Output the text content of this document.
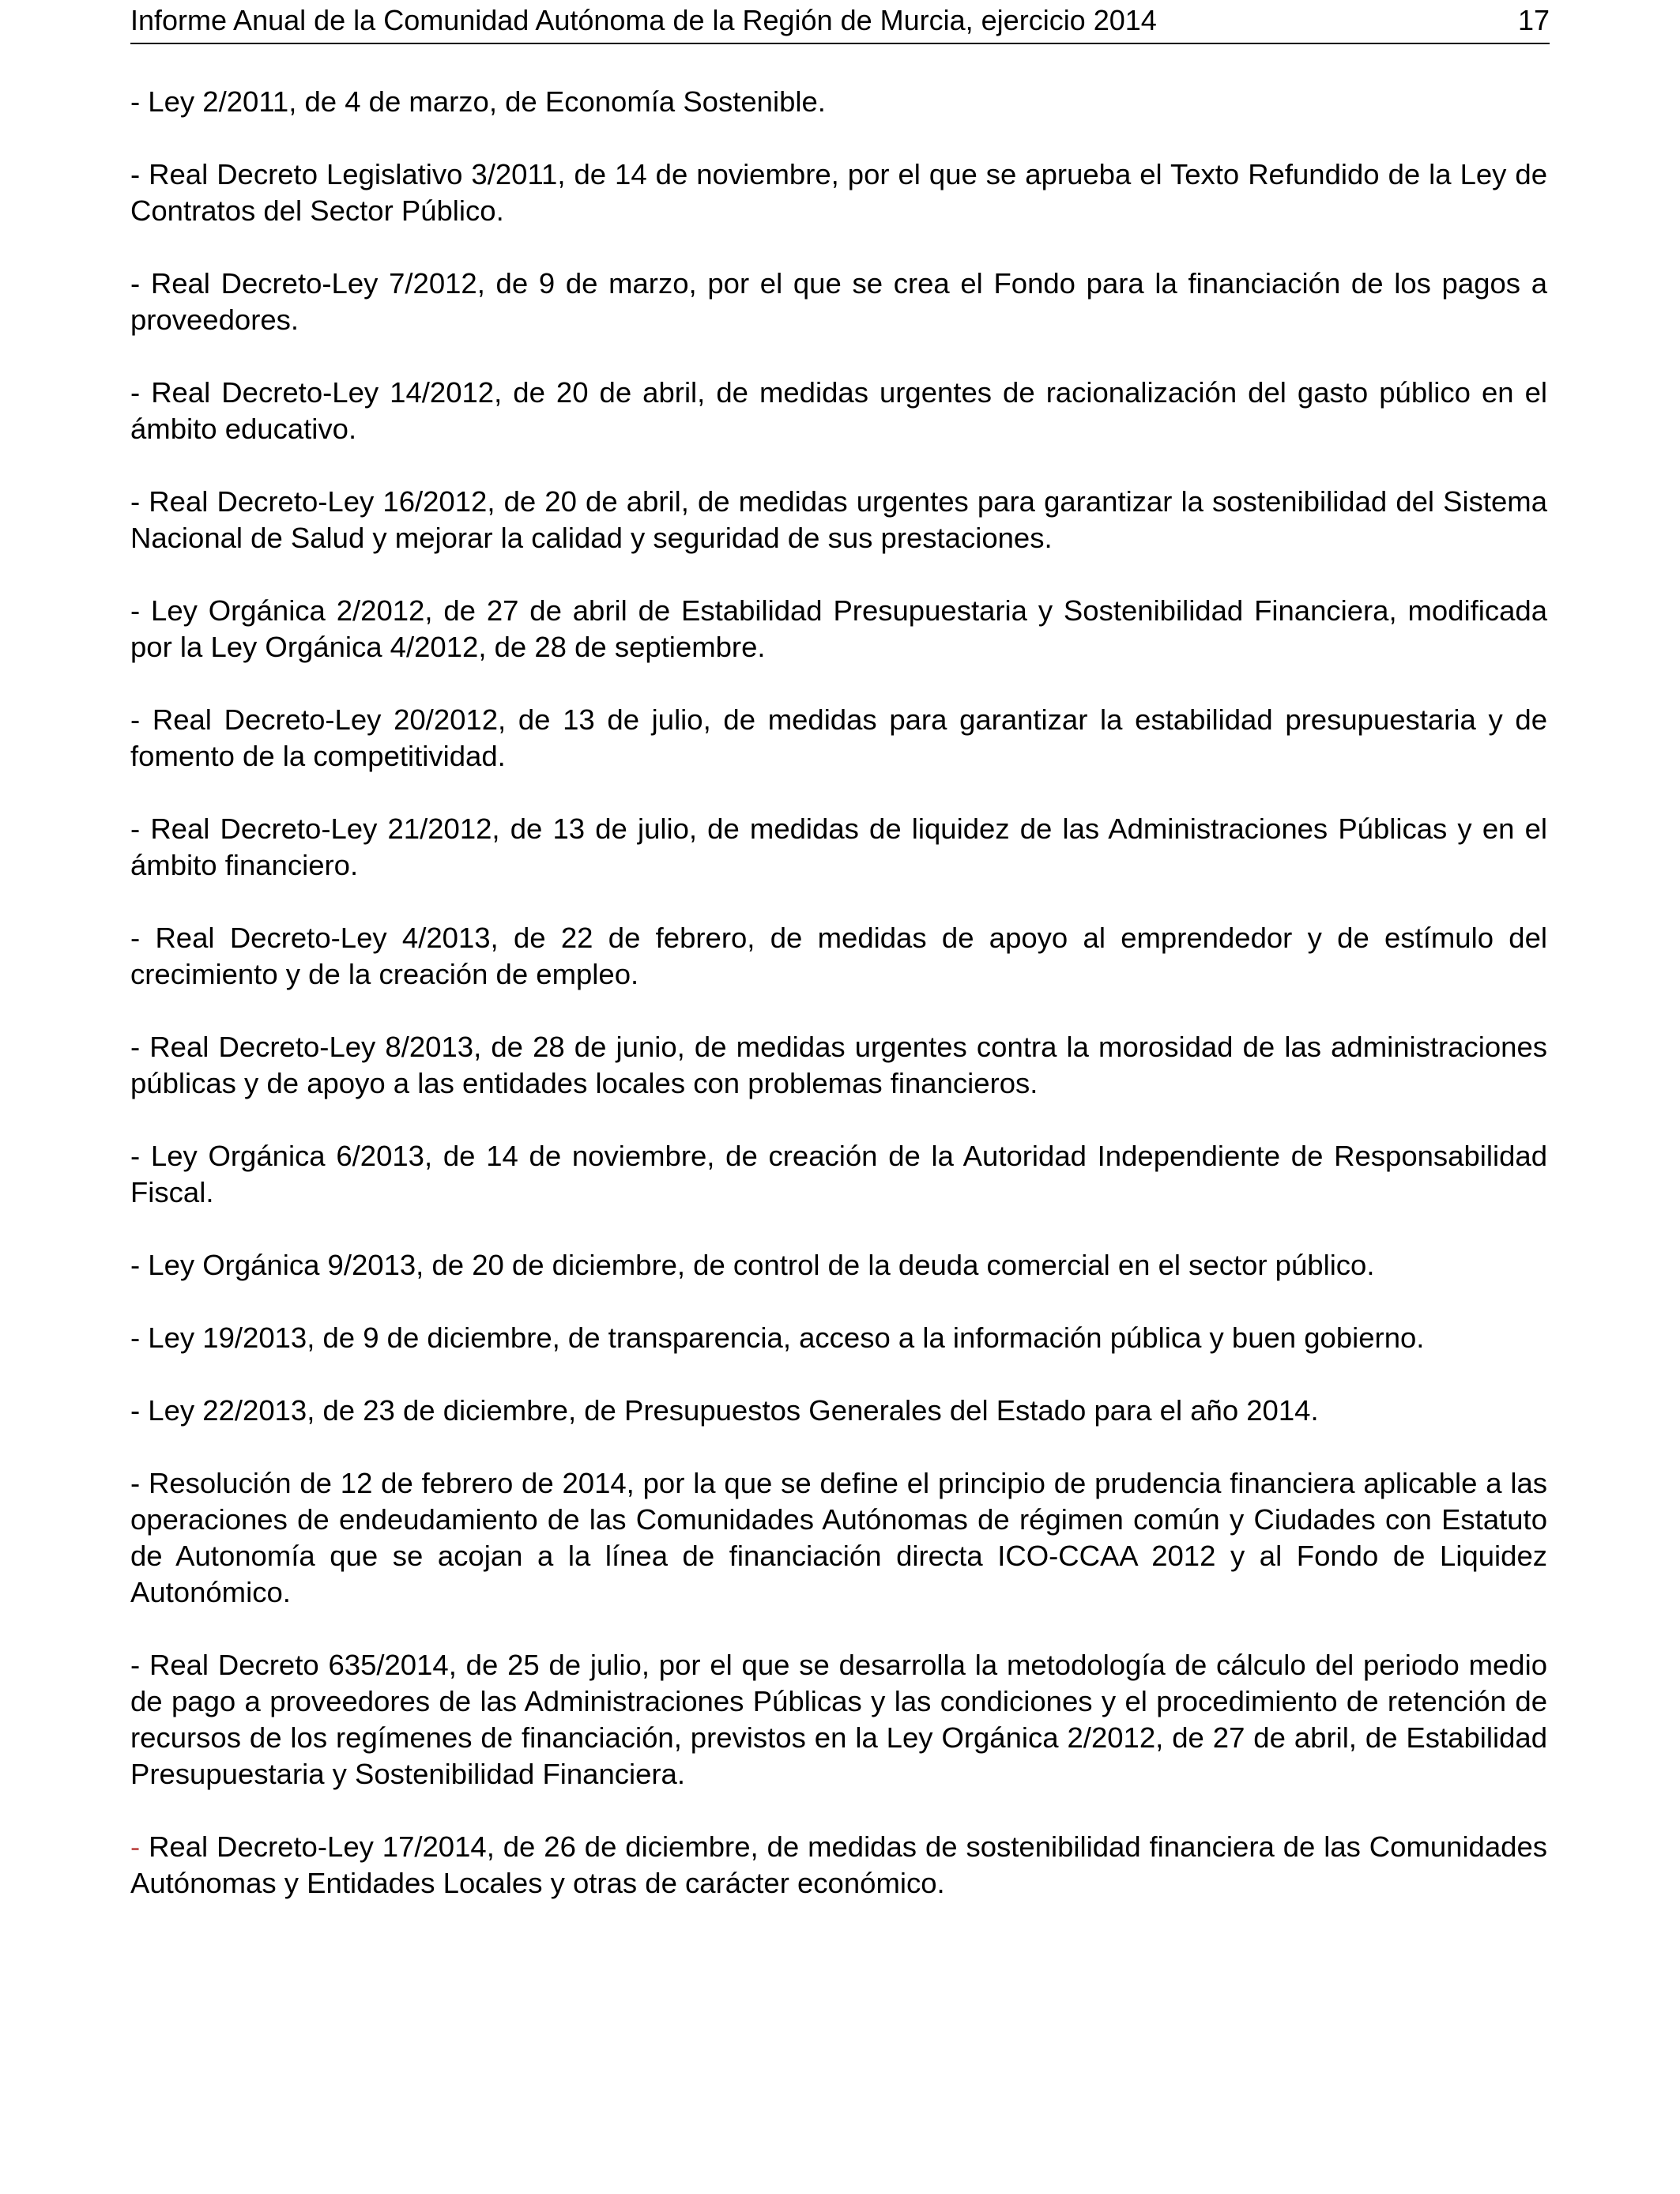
Informe Anual de la Comunidad Autónoma de la Región de Murcia, ejercicio 2014	17

- Ley 2/2011, de 4 de marzo, de Economía Sostenible.

- Real Decreto Legislativo 3/2011, de 14 de noviembre, por el que se aprueba el Texto Refundido de la Ley de Contratos del Sector Público.

- Real Decreto-Ley 7/2012, de 9 de marzo, por el que se crea el Fondo para la financiación de los pagos a proveedores.

- Real Decreto-Ley 14/2012, de 20 de abril, de medidas urgentes de racionalización del gasto público en el ámbito educativo.

- Real Decreto-Ley 16/2012, de 20 de abril, de medidas urgentes para garantizar la sostenibilidad del Sistema Nacional de Salud y mejorar la calidad y seguridad de sus prestaciones.

- Ley Orgánica 2/2012, de 27 de abril de Estabilidad Presupuestaria y Sostenibilidad Financiera, modificada por la Ley Orgánica 4/2012, de 28 de septiembre.

- Real Decreto-Ley 20/2012, de 13 de julio, de medidas para garantizar la estabilidad presupuestaria y de fomento de la competitividad.

- Real Decreto-Ley 21/2012, de 13 de julio, de medidas de liquidez de las Administraciones Públicas y en el ámbito financiero.

- Real Decreto-Ley 4/2013, de 22 de febrero, de medidas de apoyo al emprendedor y de estímulo del crecimiento y de la creación de empleo.

- Real Decreto-Ley 8/2013, de 28 de junio, de medidas urgentes contra la morosidad de las administraciones públicas y de apoyo a las entidades locales con problemas financieros.

- Ley Orgánica 6/2013, de 14 de noviembre, de creación de la Autoridad Independiente de Responsabilidad Fiscal.

- Ley Orgánica 9/2013, de 20 de diciembre, de control de la deuda comercial en el sector público.

- Ley 19/2013, de 9 de diciembre, de transparencia, acceso a la información pública y buen gobierno.

- Ley 22/2013, de 23 de diciembre, de Presupuestos Generales del Estado para el año 2014.

- Resolución de 12 de febrero de 2014, por la que se define el principio de prudencia financiera aplicable a las operaciones de endeudamiento de las Comunidades Autónomas de régimen común y Ciudades con Estatuto de Autonomía que se acojan a la línea de financiación directa ICO-CCAA 2012 y al Fondo de Liquidez Autonómico.

- Real Decreto 635/2014, de 25 de julio, por el que se desarrolla la metodología de cálculo del periodo medio de pago a proveedores de las Administraciones Públicas y las condiciones y el procedimiento de retención de recursos de los regímenes de financiación, previstos en la Ley Orgánica 2/2012, de 27 de abril, de Estabilidad Presupuestaria y Sostenibilidad Financiera.

- Real Decreto-Ley 17/2014, de 26 de diciembre, de medidas de sostenibilidad financiera de las Comunidades Autónomas y Entidades Locales y otras de carácter económico.
